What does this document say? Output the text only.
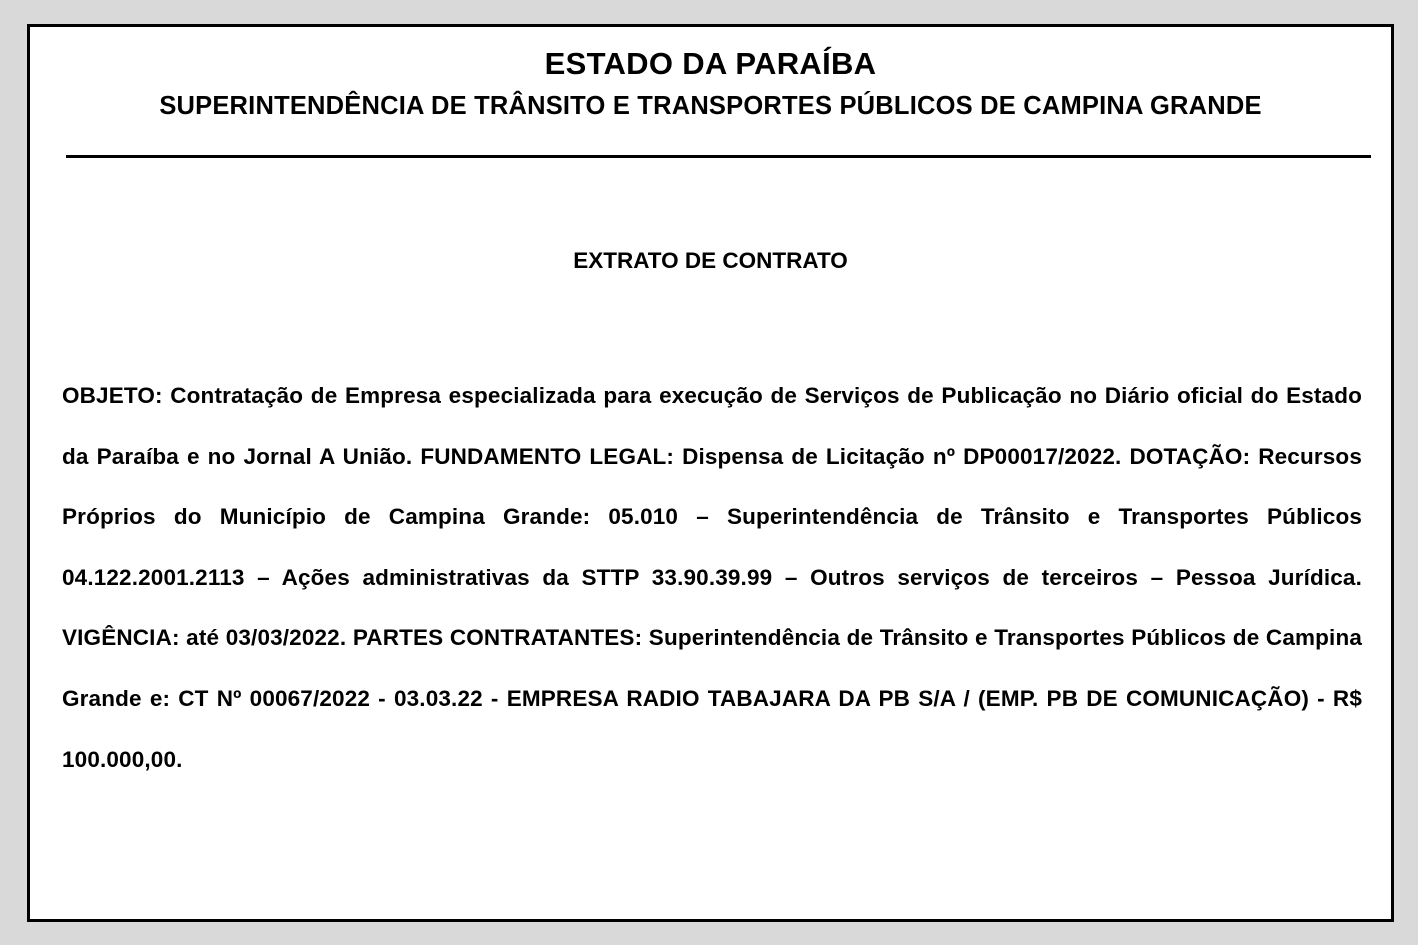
ESTADO DA PARAÍBA
SUPERINTENDÊNCIA DE TRÂNSITO E TRANSPORTES PÚBLICOS DE CAMPINA GRANDE
EXTRATO DE CONTRATO

OBJETO: Contratação de Empresa especializada para execução de Serviços de Publicação no Diário oficial do Estado da Paraíba e no Jornal A União. FUNDAMENTO LEGAL: Dispensa de Licitação nº DP00017/2022. DOTAÇÃO: Recursos Próprios do Município de Campina Grande: 05.010 – Superintendência de Trânsito e Transportes Públicos 04.122.2001.2113 – Ações administrativas da STTP 33.90.39.99 – Outros serviços de terceiros – Pessoa Jurídica. VIGÊNCIA: até 03/03/2022. PARTES CONTRATANTES: Superintendência de Trânsito e Transportes Públicos de Campina Grande e: CT Nº 00067/2022 - 03.03.22 - EMPRESA RADIO TABAJARA DA PB S/A / (EMP. PB DE COMUNICAÇÃO) - R$ 100.000,00.
